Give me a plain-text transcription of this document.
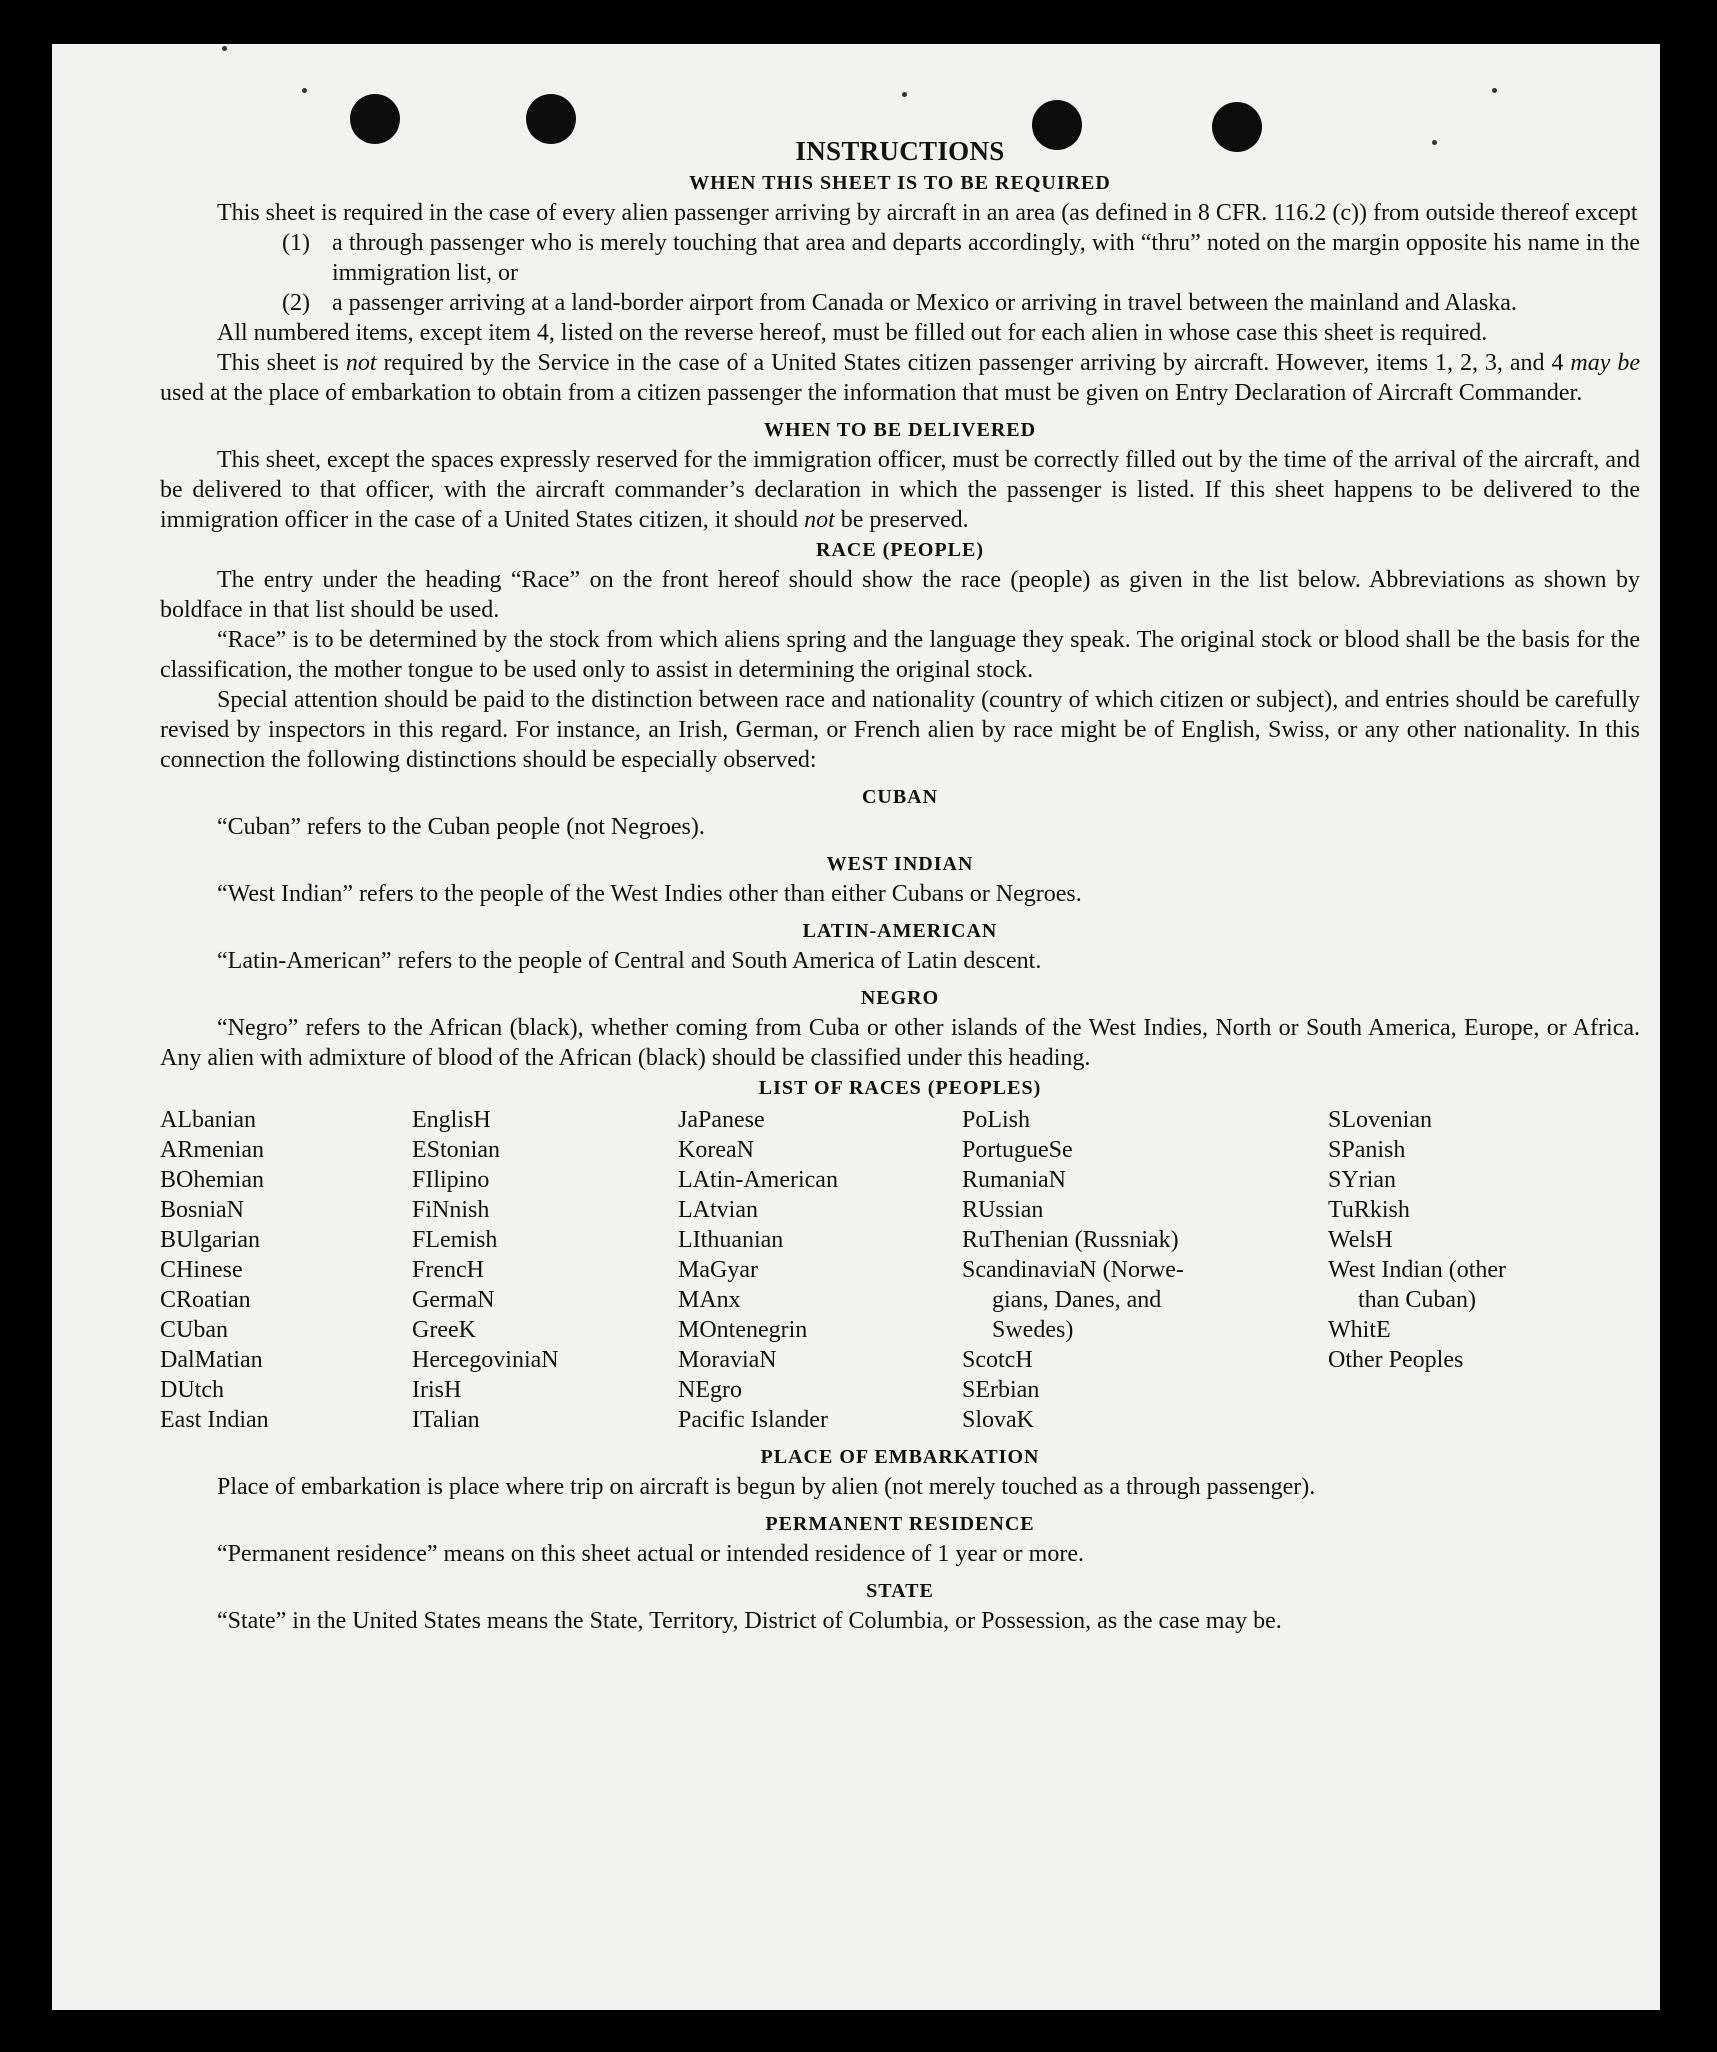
INSTRUCTIONS
WHEN THIS SHEET IS TO BE REQUIRED

This sheet is required in the case of every alien passenger arriving by aircraft in an area (as defined in 8 CFR. 116.2 (c)) from outside thereof except

(1) a through passenger who is merely touching that area and departs accordingly, with “thru” noted on the margin opposite his name in the immigration list, or
(2) a passenger arriving at a land-border airport from Canada or Mexico or arriving in travel between the mainland and Alaska.

All numbered items, except item 4, listed on the reverse hereof, must be filled out for each alien in whose case this sheet is required.

This sheet is not required by the Service in the case of a United States citizen passenger arriving by aircraft. However, items 1, 2, 3, and 4 may be used at the place of embarkation to obtain from a citizen passenger the information that must be given on Entry Declaration of Aircraft Commander.

WHEN TO BE DELIVERED

This sheet, except the spaces expressly reserved for the immigration officer, must be correctly filled out by the time of the arrival of the aircraft, and be delivered to that officer, with the aircraft commander’s declaration in which the passenger is listed. If this sheet happens to be delivered to the immigration officer in the case of a United States citizen, it should not be preserved.

RACE (PEOPLE)

The entry under the heading “Race” on the front hereof should show the race (people) as given in the list below. Abbreviations as shown by boldface in that list should be used.

“Race” is to be determined by the stock from which aliens spring and the language they speak. The original stock or blood shall be the basis for the classification, the mother tongue to be used only to assist in determining the original stock.

Special attention should be paid to the distinction between race and nationality (country of which citizen or subject), and entries should be carefully revised by inspectors in this regard. For instance, an Irish, German, or French alien by race might be of English, Swiss, or any other nationality. In this connection the following distinctions should be especially observed:

CUBAN

“Cuban” refers to the Cuban people (not Negroes).

WEST INDIAN

“West Indian” refers to the people of the West Indies other than either Cubans or Negroes.

LATIN-AMERICAN

“Latin-American” refers to the people of Central and South America of Latin descent.

NEGRO

“Negro” refers to the African (black), whether coming from Cuba or other islands of the West Indies, North or South America, Europe, or Africa. Any alien with admixture of blood of the African (black) should be classified under this heading.

LIST OF RACES (PEOPLES)
ALbanian
ARmenian
BOhemian
BosniaN
BUlgarian
CHinese
CRoatian
CUban
DalMatian
DUtch
East Indian
EnglisH
EStonian
FIlipino
FiNnish
FLemish
FrencH
GermaN
GreeK
HercegoviniaN
IrisH
ITalian
JaPanese
KoreaN
LAtin-American
LAtvian
LIthuanian
MaGyar
MAnx
MOntenegrin
MoraviaN
NEgro
Pacific Islander
PoLish
PortugueSe
RumaniaN
RUssian
RuThenian (Russniak)
ScandinaviaN (Norwe-
gians, Danes, and
Swedes)
ScotcH
SErbian
SlovaK
SLovenian
SPanish
SYrian
TuRkish
WelsH
West Indian (other
than Cuban)
WhitE
Other Peoples
PLACE OF EMBARKATION

Place of embarkation is place where trip on aircraft is begun by alien (not merely touched as a through passenger).

PERMANENT RESIDENCE

“Permanent residence” means on this sheet actual or intended residence of 1 year or more.

STATE

“State” in the United States means the State, Territory, District of Columbia, or Possession, as the case may be.
